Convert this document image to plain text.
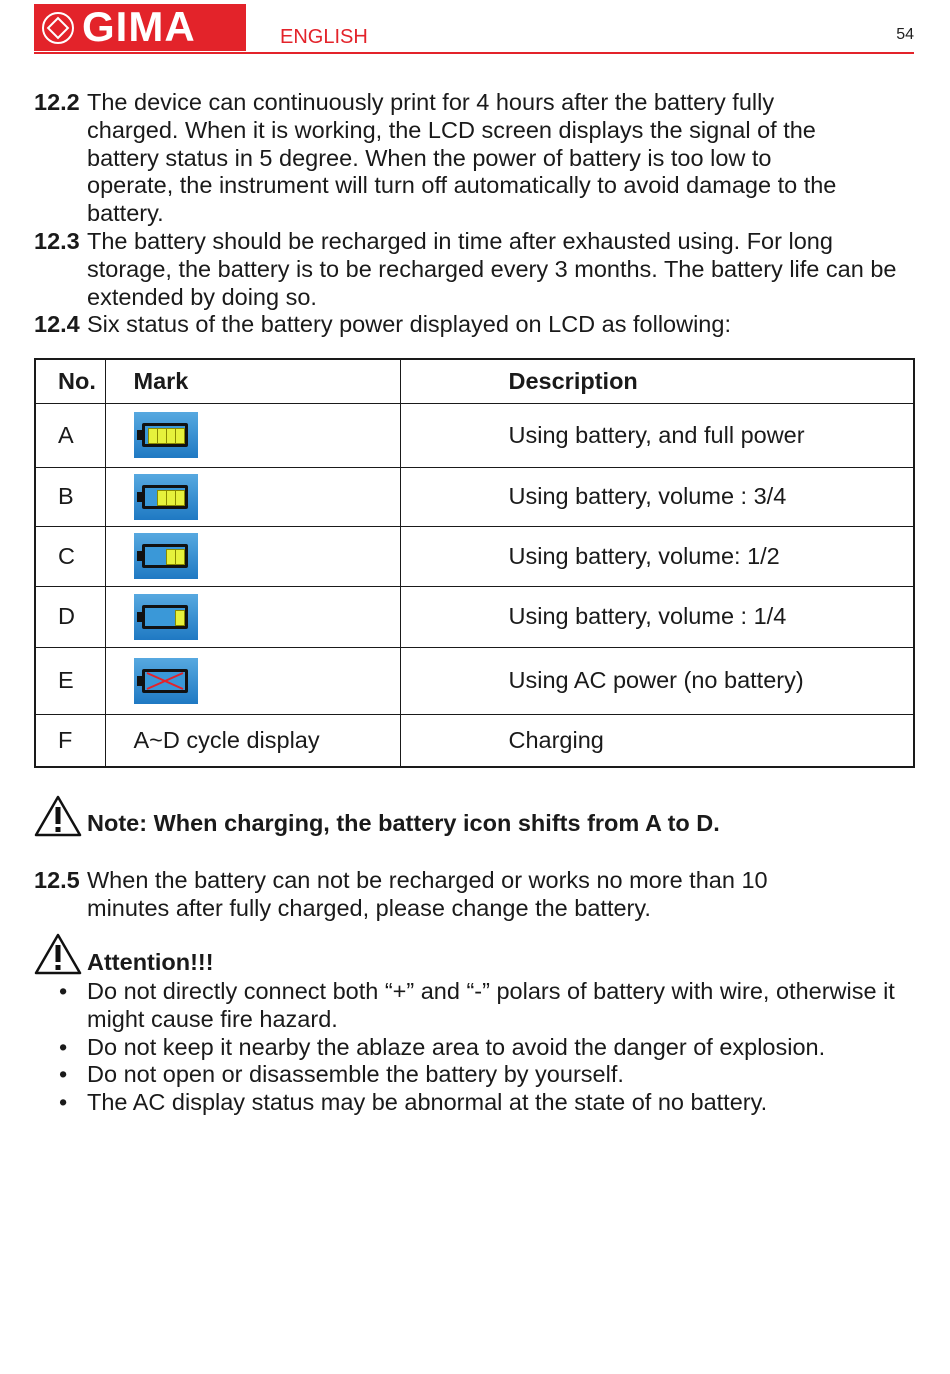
GIMA	ENGLISH	54
12.2 The device can continuously print for 4 hours after the battery fully charged. When it is working, the LCD screen displays the signal of the battery status in 5 degree. When the power of battery is too low to operate, the instrument will turn off automatically to avoid damage to the battery.
12.3 The battery should be recharged in time after exhausted using. For long storage, the battery is to be recharged every 3 months. The battery life can be extended by doing so.
12.4 Six status of the battery power displayed on LCD as following:
No.	Mark	Description
A		Using battery, and full power
B		Using battery, volume : 3/4
C		Using battery, volume: 1/2
D		Using battery, volume : 1/4
E		Using AC power (no battery)
F	A~D cycle display	Charging
Note: When charging, the battery icon shifts from A to D.
12.5 When the battery can not be recharged or works no more than 10 minutes after fully charged, please change the battery.
Attention!!!
• Do not directly connect both “+” and “-” polars of battery with wire, otherwise it might cause fire hazard.
• Do not keep it nearby the ablaze area to avoid the danger of explosion.
• Do not open or disassemble the battery by yourself.
• The AC display status may be abnormal at the state of no battery.
